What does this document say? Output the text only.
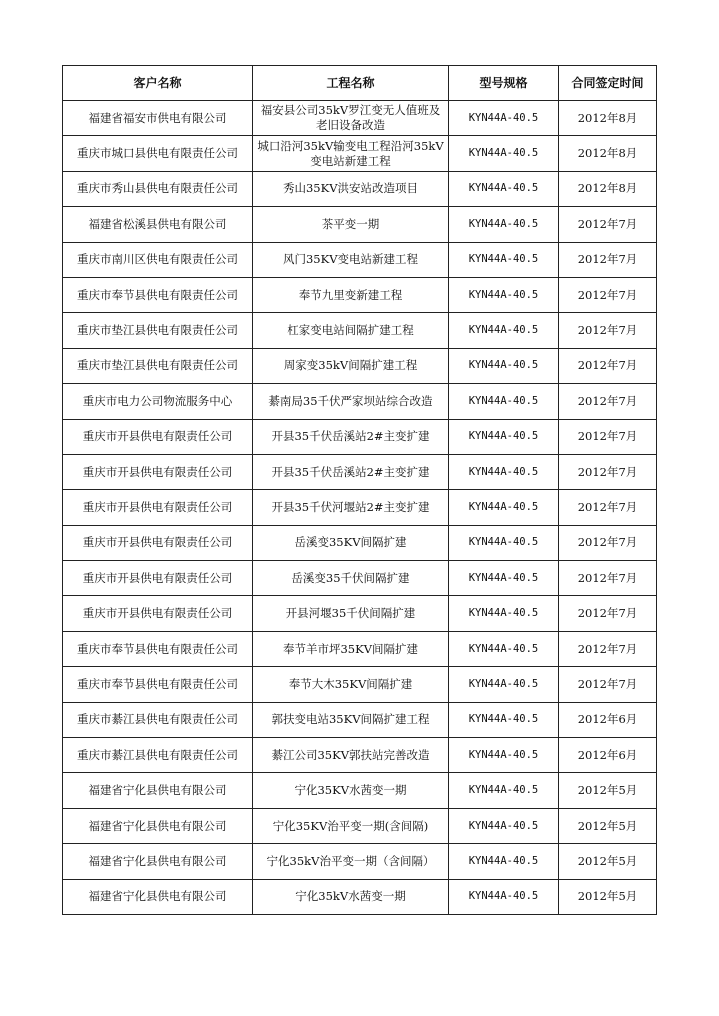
客户名称	工程名称	型号规格	合同签定时间
福建省福安市供电有限公司	福安县公司35kV罗江变无人值班及老旧设备改造	KYN44A-40.5	2012年8月
重庆市城口县供电有限责任公司	城口沿河35kV输变电工程沿河35kV变电站新建工程	KYN44A-40.5	2012年8月
重庆市秀山县供电有限责任公司	秀山35KV洪安站改造项目	KYN44A-40.5	2012年8月
福建省松溪县供电有限公司	茶平变一期	KYN44A-40.5	2012年7月
重庆市南川区供电有限责任公司	风门35KV变电站新建工程	KYN44A-40.5	2012年7月
重庆市奉节县供电有限责任公司	奉节九里变新建工程	KYN44A-40.5	2012年7月
重庆市垫江县供电有限责任公司	杠家变电站间隔扩建工程	KYN44A-40.5	2012年7月
重庆市垫江县供电有限责任公司	周家变35kV间隔扩建工程	KYN44A-40.5	2012年7月
重庆市电力公司物流服务中心	綦南局35千伏严家坝站综合改造	KYN44A-40.5	2012年7月
重庆市开县供电有限责任公司	开县35千伏岳溪站2#主变扩建	KYN44A-40.5	2012年7月
重庆市开县供电有限责任公司	开县35千伏岳溪站2#主变扩建	KYN44A-40.5	2012年7月
重庆市开县供电有限责任公司	开县35千伏河堰站2#主变扩建	KYN44A-40.5	2012年7月
重庆市开县供电有限责任公司	岳溪变35KV间隔扩建	KYN44A-40.5	2012年7月
重庆市开县供电有限责任公司	岳溪变35千伏间隔扩建	KYN44A-40.5	2012年7月
重庆市开县供电有限责任公司	开县河堰35千伏间隔扩建	KYN44A-40.5	2012年7月
重庆市奉节县供电有限责任公司	奉节羊市坪35KV间隔扩建	KYN44A-40.5	2012年7月
重庆市奉节县供电有限责任公司	奉节大木35KV间隔扩建	KYN44A-40.5	2012年7月
重庆市綦江县供电有限责任公司	郭扶变电站35KV间隔扩建工程	KYN44A-40.5	2012年6月
重庆市綦江县供电有限责任公司	綦江公司35KV郭扶站完善改造	KYN44A-40.5	2012年6月
福建省宁化县供电有限公司	宁化35KV水茜变一期	KYN44A-40.5	2012年5月
福建省宁化县供电有限公司	宁化35KV治平变一期(含间隔)	KYN44A-40.5	2012年5月
福建省宁化县供电有限公司	宁化35kV治平变一期（含间隔）	KYN44A-40.5	2012年5月
福建省宁化县供电有限公司	宁化35kV水茜变一期	KYN44A-40.5	2012年5月
